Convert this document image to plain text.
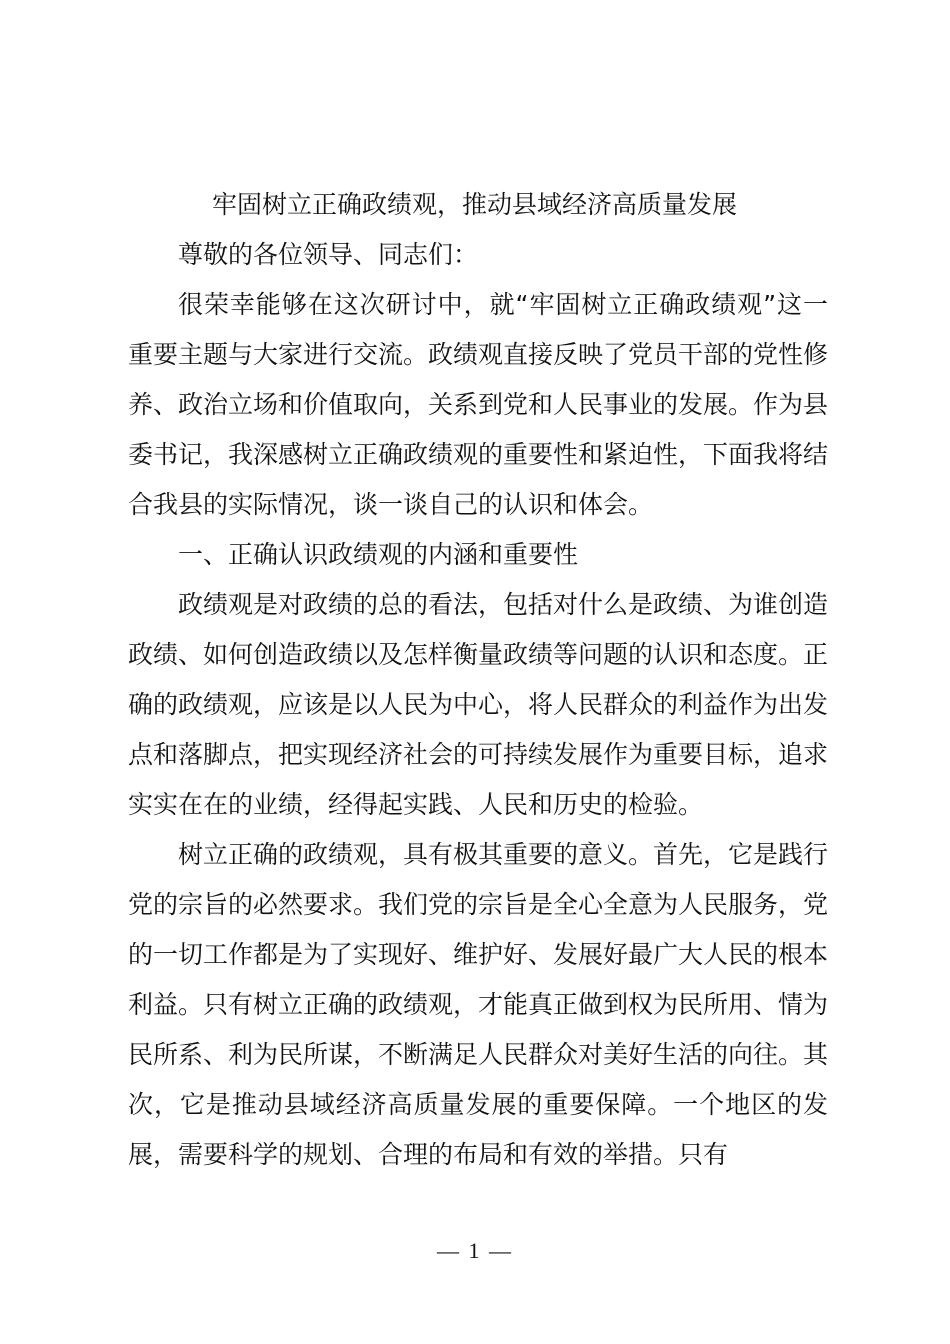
牢固树立正确政绩观，推动县域经济高质量发展

尊敬的各位领导、同志们：

很荣幸能够在这次研讨中，就“牢固树立正确政绩观”这一重要主题与大家进行交流。政绩观直接反映了党员干部的党性修养、政治立场和价值取向，关系到党和人民事业的发展。作为县委书记，我深感树立正确政绩观的重要性和紧迫性，下面我将结合我县的实际情况，谈一谈自己的认识和体会。

一、正确认识政绩观的内涵和重要性

政绩观是对政绩的总的看法，包括对什么是政绩、为谁创造政绩、如何创造政绩以及怎样衡量政绩等问题的认识和态度。正确的政绩观，应该是以人民为中心，将人民群众的利益作为出发点和落脚点，把实现经济社会的可持续发展作为重要目标，追求实实在在的业绩，经得起实践、人民和历史的检验。

树立正确的政绩观，具有极其重要的意义。首先，它是践行党的宗旨的必然要求。我们党的宗旨是全心全意为人民服务，党的一切工作都是为了实现好、维护好、发展好最广大人民的根本利益。只有树立正确的政绩观，才能真正做到权为民所用、情为民所系、利为民所谋，不断满足人民群众对美好生活的向往。其次，它是推动县域经济高质量发展的重要保障。一个地区的发展，需要科学的规划、合理的布局和有效的举措。只有

— 1 —
